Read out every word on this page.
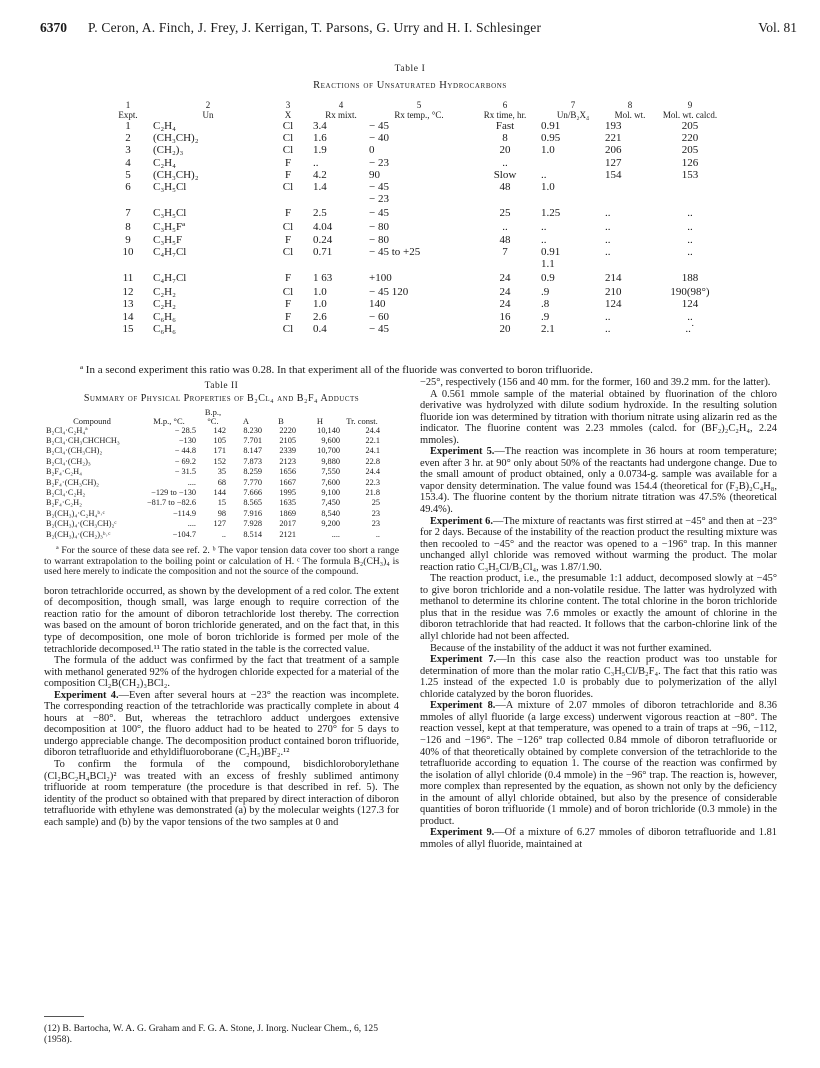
6370 P. Ceron, A. Finch, J. Frey, J. Kerrigan, T. Parsons, G. Urry and H. I. Schlesinger	Vol. 81
Table I
Reactions of Unsaturated Hydrocarbons
1	2	3	4	5	6	7	8	9
Expt.	Un	X	Rx mixt.	Rx temp., °C.	Rx time, hr.	Un/B₂X₄	Mol. wt.	Mol. wt. calcd.
1	C₂H₄	Cl	3.4	− 45	Fast	0.91	193	205
2	(CH₃CH)₂	Cl	1.6	− 40	8	0.95	221	220
3	(CH₂)₃	Cl	1.9	0	20	1.0	206	205
4	C₂H₄	F	..	− 23	..		127	126
5	(CH₃CH)₂	F	4.2	90	Slow	..	154	153
6	C₃H₅Cl	Cl	1.4	− 45	48	1.0		
				− 23				
7	C₃H₅Cl	F	2.5	− 45	25	1.25	..	..
8	C₃H₅Fª	Cl	4.04	− 80	..	..	..	..
9	C₃H₅F	F	0.24	− 80	48	..	..	..
10	C₄H₇Cl	Cl	0.71	− 45 to +25	7	0.91	..	..
						1.1		
11	C₄H₇Cl	F	1 63	+100	24	0.9	214	188
12	C₂H₂	Cl	1.0	− 45 120	24	.9	210	190(98°)
13	C₂H₂	F	1.0	140	24	.8	124	124
14	C₆H₆	F	2.6	− 60	16	.9	..	..
15	C₆H₆	Cl	0.4	− 45	20	2.1	..	..˙
ª In a second experiment this ratio was 0.28. In that experiment all of the fluoride was converted to boron trifluoride.
Table II
Summary of Physical Properties of B₂Cl₄ and B₂F₄ Adducts
Compound	M.p., °C.	B.p., °C.	A	B	H	Tr. const.
B₂Cl₄·C₂H₄ª	− 28.5	142	8.230	2220	10,140	24.4
B₂Cl₄·CH₃CHCHCH₃	−130	105	7.701	2105	9,600	22.1
B₂Cl₄·(CH₃CH)₂	− 44.8	171	8.147	2339	10,700	24.1
B₂Cl₄·(CH₂)₃	− 69.2	152	7.873	2123	9,880	22.8
B₂F₄·C₂H₄	− 31.5	35	8.259	1656	7,550	24.4
B₂F₄·(CH₃CH)₂	....	68	7.770	1667	7,600	22.3
B₂Cl₄·C₂H₂	−129 to −130	144	7.666	1995	9,100	21.8
B₂F₄·C₂H₂	−81.7 to −82.6	15	8.565	1635	7,450	25
B₂(CH₃)₄·C₂H₄ᵇ˒ᶜ	−114.9	98	7.916	1869	8,540	23
B₂(CH₃)₄·(CH₃CH)₂ᶜ	....	127	7.928	2017	9,200	23
B₂(CH₃)₄·(CH₂)₃ᵇ˒ᶜ	−104.7	..	8.514	2121	....	..
ª For the source of these data see ref. 2. ᵇ The vapor tension data cover too short a range to warrant extrapolation to the boiling point or calculation of H. ᶜ The formula B₂(CH₃)₄ is used here merely to indicate the composition and not the source of the compound.

boron tetrachloride occurred, as shown by the development of a red color. The extent of decomposition, though small, was large enough to require correction of the reaction ratio for the amount of diboron tetrachloride lost thereby. The correction was based on the amount of boron trichloride generated, and on the fact that, in this type of decomposition, one mole of boron trichloride is formed per mole of the tetrachloride decomposed.¹¹ The ratio stated in the table is the corrected value.

The formula of the adduct was confirmed by the fact that treatment of a sample with methanol generated 92% of the hydrogen chloride expected for a material of the composition Cl₂B(CH₂)₃BCl₂.

Experiment 4.—Even after several hours at −23° the reaction was incomplete. The corresponding reaction of the tetrachloride was practically complete in about 4 hours at −80°. But, whereas the tetrachloro adduct undergoes extensive decomposition at 100°, the fluoro adduct had to be heated to 270° for 5 days to undergo appreciable change. The decomposition product contained boron trifluoride, diboron tetrafluoride and ethyldifluoroborane (C₂H₅)BF₂.¹²

To confirm the formula of the compound, bisdichloroborylethane (Cl₂BC₂H₄BCl₂)² was treated with an excess of freshly sublimed antimony trifluoride at room temperature (the procedure is that described in ref. 5). The identity of the product so obtained with that prepared by direct interaction of diboron tetrafluoride with ethylene was demonstrated (a) by the molecular weights (127.3 for each sample) and (b) by the vapor tensions of the two samples at 0 and

(12) B. Bartocha, W. A. G. Graham and F. G. A. Stone, J. Inorg. Nuclear Chem., 6, 125 (1958).

−25°, respectively (156 and 40 mm. for the former, 160 and 39.2 mm. for the latter).

A 0.561 mmole sample of the material obtained by fluorination of the chloro derivative was hydrolyzed with dilute sodium hydroxide. In the resulting solution fluoride ion was determined by titration with thorium nitrate using alizarin red as the indicator. The fluorine content was 2.23 mmoles (calcd. for (BF₂)₂C₂H₄, 2.24 mmoles).

Experiment 5.—The reaction was incomplete in 36 hours at room temperature; even after 3 hr. at 90° only about 50% of the reactants had undergone change. Due to the small amount of product obtained, only a 0.0734-g. sample was available for a vapor density determination. The value found was 154.4 (theoretical for (F₂B)₂C₄H₈, 153.4). The fluorine content by the thorium nitrate titration was 47.5% (theoretical 49.4%).

Experiment 6.—The mixture of reactants was first stirred at −45° and then at −23° for 2 days. Because of the instability of the reaction product the resulting mixture was then recooled to −45° and the reactor was opened to a −196° trap. In this manner unchanged allyl chloride was removed without warming the product. The molar reaction ratio C₃H₅Cl/B₂Cl₄, was 1.87/1.90.

The reaction product, i.e., the presumable 1:1 adduct, decomposed slowly at −45° to give boron trichloride and a non-volatile residue. The latter was hydrolyzed with methanol to determine its chlorine content. The total chlorine in the boron trichloride plus that in the residue was 7.6 mmoles or exactly the amount of chlorine in the diboron tetrachloride that had reacted. It follows that the carbon-chlorine link of the allyl chloride had not been affected.

Because of the instability of the adduct it was not further examined.

Experiment 7.—In this case also the reaction product was too unstable for determination of more than the molar ratio C₃H₅Cl/B₂F₄. The fact that this ratio was 1.25 instead of the expected 1.0 is probably due to polymerization of the allyl chloride catalyzed by the boron fluorides.

Experiment 8.—A mixture of 2.07 mmoles of diboron tetrachloride and 8.36 mmoles of allyl fluoride (a large excess) underwent vigorous reaction at −80°. The reaction vessel, kept at that temperature, was opened to a train of traps at −96, −112, −126 and −196°. The −126° trap collected 0.84 mmole of diboron tetrafluoride or 40% of that theoretically obtained by complete conversion of the tetrachloride to the tetrafluoride according to equation 1. The course of the reaction was confirmed by the isolation of allyl chloride (0.4 mmole) in the −96° trap. The reaction is, however, more complex than represented by the equation, as shown not only by the deficiency in the amount of allyl chloride obtained, but also by the presence of considerable quantities of boron trifluoride (1 mmole) and of boron trichloride (0.3 mmole) in the product.

Experiment 9.—Of a mixture of 6.27 mmoles of diboron tetrafluoride and 1.81 mmoles of allyl fluoride, maintained at
